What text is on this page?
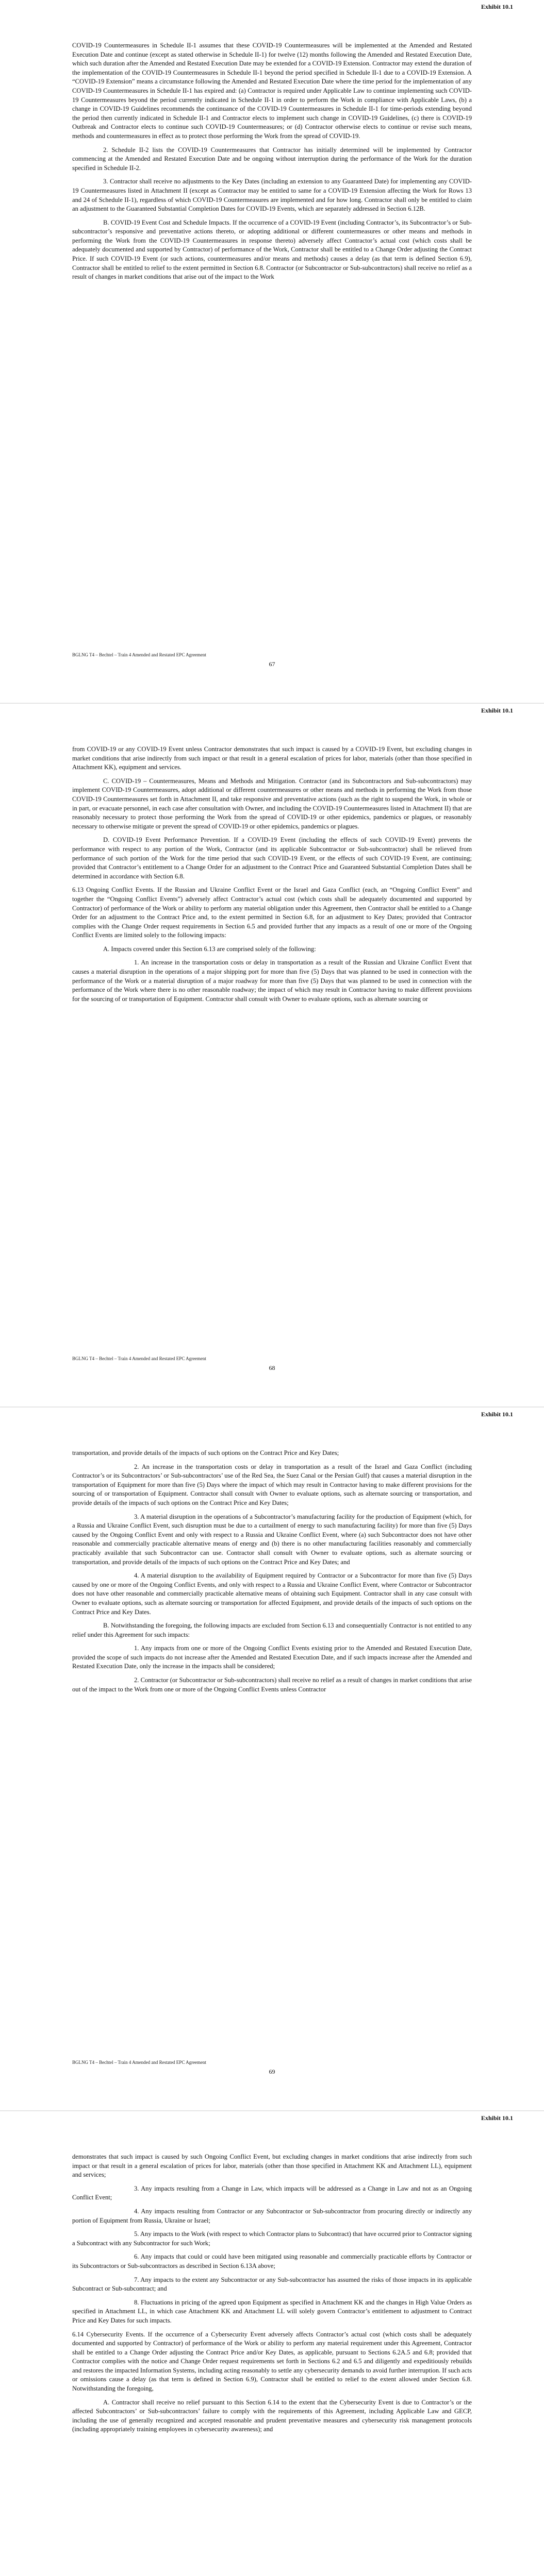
Exhibit 10.1

COVID-19 Countermeasures in Schedule II-1 assumes that these COVID-19 Countermeasures will be implemented at the Amended and Restated Execution Date and continue (except as stated otherwise in Schedule II-1) for twelve (12) months following the Amended and Restated Execution Date, which such duration after the Amended and Restated Execution Date may be extended for a COVID-19 Extension. Contractor may extend the duration of the implementation of the COVID-19 Countermeasures in Schedule II-1 beyond the period specified in Schedule II-1 due to a COVID-19 Extension. A “COVID-19 Extension” means a circumstance following the Amended and Restated Execution Date where the time period for the implementation of any COVID-19 Countermeasures in Schedule II-1 has expired and: (a) Contractor is required under Applicable Law to continue implementing such COVID-19 Countermeasures beyond the period currently indicated in Schedule II-1 in order to perform the Work in compliance with Applicable Laws, (b) a change in COVID-19 Guidelines recommends the continuance of the COVID-19 Countermeasures in Schedule II-1 for time-periods extending beyond the period then currently indicated in Schedule II-1 and Contractor elects to implement such change in COVID-19 Guidelines, (c) there is COVID-19 Outbreak and Contractor elects to continue such COVID-19 Countermeasures; or (d) Contractor otherwise elects to continue or revise such means, methods and countermeasures in effect as to protect those performing the Work from the spread of COVID-19.

2. Schedule II-2 lists the COVID-19 Countermeasures that Contractor has initially determined will be implemented by Contractor commencing at the Amended and Restated Execution Date and be ongoing without interruption during the performance of the Work for the duration specified in Schedule II-2.

3. Contractor shall receive no adjustments to the Key Dates (including an extension to any Guaranteed Date) for implementing any COVID-19 Countermeasures listed in Attachment II (except as Contractor may be entitled to same for a COVID-19 Extension affecting the Work for Rows 13 and 24 of Schedule II-1), regardless of which COVID-19 Countermeasures are implemented and for how long. Contractor shall only be entitled to claim an adjustment to the Guaranteed Substantial Completion Dates for COVID-19 Events, which are separately addressed in Section 6.12B.

B. COVID-19 Event Cost and Schedule Impacts. If the occurrence of a COVID-19 Event (including Contractor’s, its Subcontractor’s or Sub-subcontractor’s responsive and preventative actions thereto, or adopting additional or different countermeasures or other means and methods in performing the Work from the COVID-19 Countermeasures in response thereto) adversely affect Contractor’s actual cost (which costs shall be adequately documented and supported by Contractor) of performance of the Work, Contractor shall be entitled to a Change Order adjusting the Contract Price. If such COVID-19 Event (or such actions, countermeasures and/or means and methods) causes a delay (as that term is defined Section 6.9), Contractor shall be entitled to relief to the extent permitted in Section 6.8. Contractor (or Subcontractor or Sub-subcontractors) shall receive no relief as a result of changes in market conditions that arise out of the impact to the Work

67
BGLNG T4 – Bechtel – Train 4 Amended and Restated EPC Agreement
Exhibit 10.1

from COVID-19 or any COVID-19 Event unless Contractor demonstrates that such impact is caused by a COVID-19 Event, but excluding changes in market conditions that arise indirectly from such impact or that result in a general escalation of prices for labor, materials (other than those specified in Attachment KK), equipment and services.

C. COVID-19 – Countermeasures, Means and Methods and Mitigation. Contractor (and its Subcontractors and Sub-subcontractors) may implement COVID-19 Countermeasures, adopt additional or different countermeasures or other means and methods in performing the Work from those COVID-19 Countermeasures set forth in Attachment II, and take responsive and preventative actions (such as the right to suspend the Work, in whole or in part, or evacuate personnel, in each case after consultation with Owner, and including the COVID-19 Countermeasures listed in Attachment II) that are reasonably necessary to protect those performing the Work from the spread of COVID-19 or other epidemics, pandemics or plagues, or reasonably necessary to otherwise mitigate or prevent the spread of COVID-19 or other epidemics, pandemics or plagues.

D. COVID-19 Event Performance Prevention. If a COVID-19 Event (including the effects of such COVID-19 Event) prevents the performance with respect to any portion of the Work, Contractor (and its applicable Subcontractor or Sub-subcontractor) shall be relieved from performance of such portion of the Work for the time period that such COVID-19 Event, or the effects of such COVID-19 Event, are continuing; provided that Contractor’s entitlement to a Change Order for an adjustment to the Contract Price and Guaranteed Substantial Completion Dates shall be determined in accordance with Section 6.8.

6.13 Ongoing Conflict Events. If the Russian and Ukraine Conflict Event or the Israel and Gaza Conflict (each, an “Ongoing Conflict Event” and together the “Ongoing Conflict Events”) adversely affect Contractor’s actual cost (which costs shall be adequately documented and supported by Contractor) of performance of the Work or ability to perform any material obligation under this Agreement, then Contractor shall be entitled to a Change Order for an adjustment to the Contract Price and, to the extent permitted in Section 6.8, for an adjustment to Key Dates; provided that Contractor complies with the Change Order request requirements in Section 6.5 and provided further that any impacts as a result of one or more of the Ongoing Conflict Events are limited solely to the following impacts:

A. Impacts covered under this Section 6.13 are comprised solely of the following:

1. An increase in the transportation costs or delay in transportation as a result of the Russian and Ukraine Conflict Event that causes a material disruption in the operations of a major shipping port for more than five (5) Days that was planned to be used in connection with the performance of the Work or a material disruption of a major roadway for more than five (5) Days that was planned to be used in connection with the performance of the Work where there is no other reasonable roadway; the impact of which may result in Contractor having to make different provisions for the sourcing of or transportation of Equipment. Contractor shall consult with Owner to evaluate options, such as alternate sourcing or

68
BGLNG T4 – Bechtel – Train 4 Amended and Restated EPC Agreement
Exhibit 10.1

transportation, and provide details of the impacts of such options on the Contract Price and Key Dates;

2. An increase in the transportation costs or delay in transportation as a result of the Israel and Gaza Conflict (including Contractor’s or its Subcontractors’ or Sub-subcontractors’ use of the Red Sea, the Suez Canal or the Persian Gulf) that causes a material disruption in the transportation of Equipment for more than five (5) Days where the impact of which may result in Contractor having to make different provisions for the sourcing of or transportation of Equipment. Contractor shall consult with Owner to evaluate options, such as alternate sourcing or transportation, and provide details of the impacts of such options on the Contract Price and Key Dates;

3. A material disruption in the operations of a Subcontractor’s manufacturing facility for the production of Equipment (which, for a Russia and Ukraine Conflict Event, such disruption must be due to a curtailment of energy to such manufacturing facility) for more than five (5) Days caused by the Ongoing Conflict Event and only with respect to a Russia and Ukraine Conflict Event, where (a) such Subcontractor does not have other reasonable and commercially practicable alternative means of energy and (b) there is no other manufacturing facilities reasonably and commercially practicably available that such Subcontractor can use. Contractor shall consult with Owner to evaluate options, such as alternate sourcing or transportation, and provide details of the impacts of such options on the Contract Price and Key Dates; and

4. A material disruption to the availability of Equipment required by Contractor or a Subcontractor for more than five (5) Days caused by one or more of the Ongoing Conflict Events, and only with respect to a Russia and Ukraine Conflict Event, where Contractor or Subcontractor does not have other reasonable and commercially practicable alternative means of obtaining such Equipment. Contractor shall in any case consult with Owner to evaluate options, such as alternate sourcing or transportation for affected Equipment, and provide details of the impacts of such options on the Contract Price and Key Dates.

B. Notwithstanding the foregoing, the following impacts are excluded from Section 6.13 and consequentially Contractor is not entitled to any relief under this Agreement for such impacts:

1. Any impacts from one or more of the Ongoing Conflict Events existing prior to the Amended and Restated Execution Date, provided the scope of such impacts do not increase after the Amended and Restated Execution Date, and if such impacts increase after the Amended and Restated Execution Date, only the increase in the impacts shall be considered;

2. Contractor (or Subcontractor or Sub-subcontractors) shall receive no relief as a result of changes in market conditions that arise out of the impact to the Work from one or more of the Ongoing Conflict Events unless Contractor

69
BGLNG T4 – Bechtel – Train 4 Amended and Restated EPC Agreement
Exhibit 10.1

demonstrates that such impact is caused by such Ongoing Conflict Event, but excluding changes in market conditions that arise indirectly from such impact or that result in a general escalation of prices for labor, materials (other than those specified in Attachment KK and Attachment LL), equipment and services;

3. Any impacts resulting from a Change in Law, which impacts will be addressed as a Change in Law and not as an Ongoing Conflict Event;

4. Any impacts resulting from Contractor or any Subcontractor or Sub-subcontractor from procuring directly or indirectly any portion of Equipment from Russia, Ukraine or Israel;

5. Any impacts to the Work (with respect to which Contractor plans to Subcontract) that have occurred prior to Contractor signing a Subcontract with any Subcontractor for such Work;

6. Any impacts that could or could have been mitigated using reasonable and commercially practicable efforts by Contractor or its Subcontractors or Sub-subcontractors as described in Section 6.13A above;

7. Any impacts to the extent any Subcontractor or any Sub-subcontractor has assumed the risks of those impacts in its applicable Subcontract or Sub-subcontract; and

8. Fluctuations in pricing of the agreed upon Equipment as specified in Attachment KK and the changes in High Value Orders as specified in Attachment LL, in which case Attachment KK and Attachment LL will solely govern Contractor’s entitlement to adjustment to Contract Price and Key Dates for such impacts.

6.14 Cybersecurity Events. If the occurrence of a Cybersecurity Event adversely affects Contractor’s actual cost (which costs shall be adequately documented and supported by Contractor) of performance of the Work or ability to perform any material requirement under this Agreement, Contractor shall be entitled to a Change Order adjusting the Contract Price and/or Key Dates, as applicable, pursuant to Sections 6.2A.5 and 6.8; provided that Contractor complies with the notice and Change Order request requirements set forth in Sections 6.2 and 6.5 and diligently and expeditiously rebuilds and restores the impacted Information Systems, including acting reasonably to settle any cybersecurity demands to avoid further interruption. If such acts or omissions cause a delay (as that term is defined in Section 6.9), Contractor shall be entitled to relief to the extent allowed under Section 6.8. Notwithstanding the foregoing,

A. Contractor shall receive no relief pursuant to this Section 6.14 to the extent that the Cybersecurity Event is due to Contractor’s or the affected Subcontractors’ or Sub-subcontractors’ failure to comply with the requirements of this Agreement, including Applicable Law and GECP, including the use of generally recognized and accepted reasonable and prudent preventative measures and cybersecurity risk management protocols (including appropriately training employees in cybersecurity awareness); and
